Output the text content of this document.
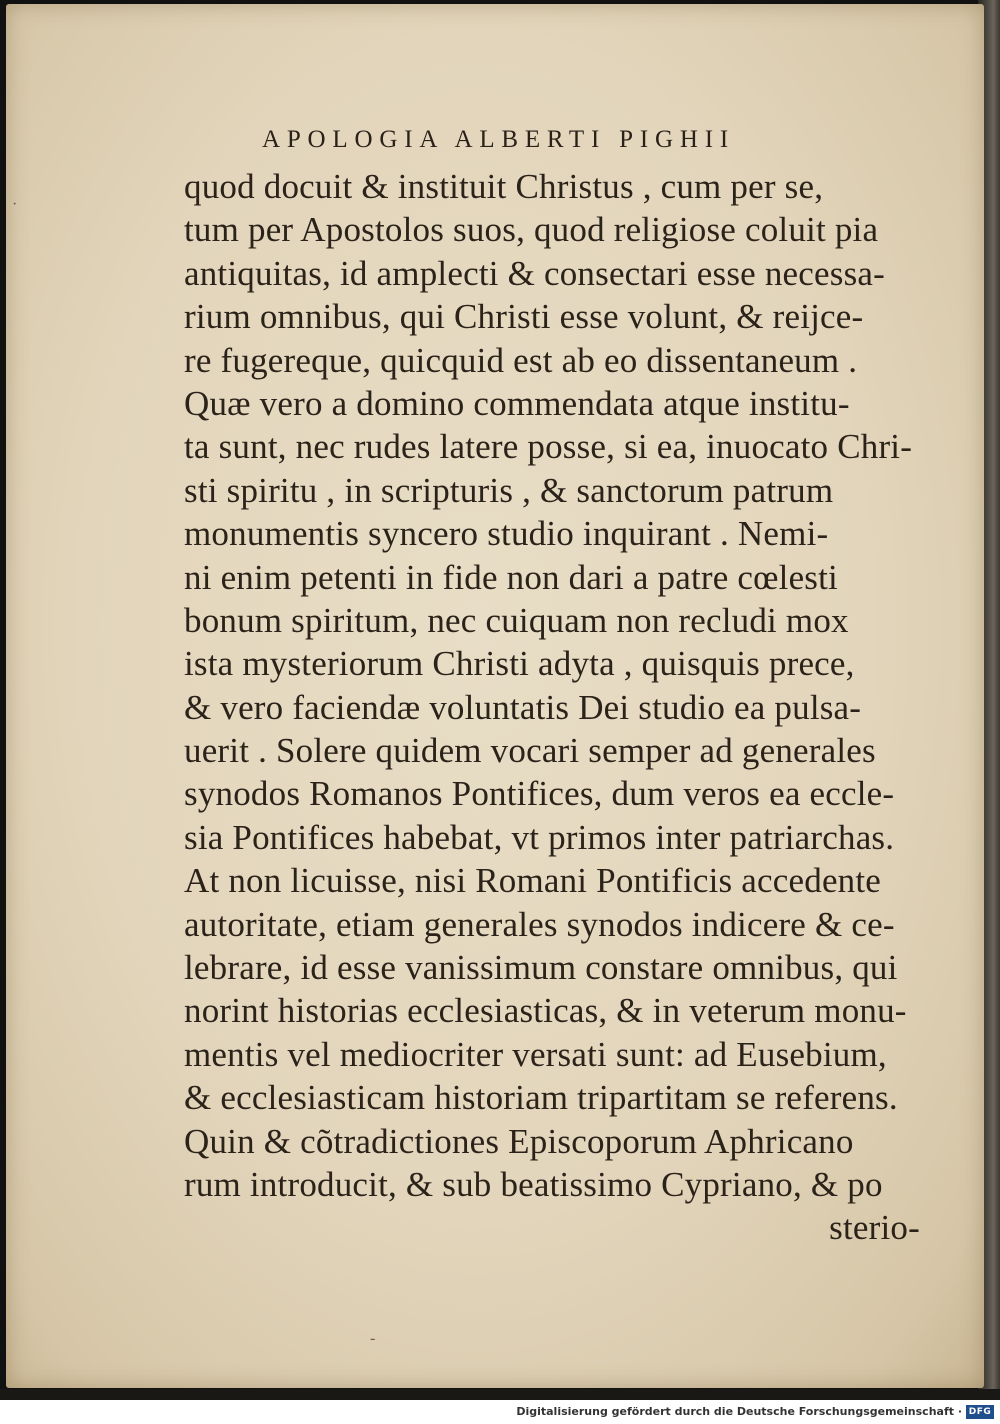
APOLOGIA ALBERTI PIGHII
quod docuit & instituit Christus , cum per se,
tum per Apostolos suos, quod religiose coluit pia
antiquitas, id amplecti & consectari esse necessa-
rium omnibus, qui Christi esse volunt, & reijce-
re fugereque, quicquid est ab eo dissentaneum .
Quæ vero a domino commendata atque institu-
ta sunt, nec rudes latere posse, si ea, inuocato Chri-
sti spiritu , in scripturis , & sanctorum patrum
monumentis syncero studio inquirant . Nemi-
ni enim petenti in fide non dari a patre cœlesti
bonum spiritum, nec cuiquam non recludi mox
ista mysteriorum Christi adyta , quisquis prece,
& vero faciendæ voluntatis Dei studio ea pulsa-
uerit . Solere quidem vocari semper ad generales
synodos Romanos Pontifices, dum veros ea eccle-
sia Pontifices habebat, vt primos inter patriarchas.
At non licuisse, nisi Romani Pontificis accedente
autoritate, etiam generales synodos indicere & ce-
lebrare, id esse vanissimum constare omnibus, qui
norint historias ecclesiasticas, & in veterum monu-
mentis vel mediocriter versati sunt: ad Eusebium,
& ecclesiasticam historiam tripartitam se referens.
Quin & cõtradictiones Episcoporum Aphricano
rum introducit, & sub beatissimo Cypriano, & po
sterio-
·
-
Digitalisierung gefördert durch die Deutsche Forschungsgemeinschaft · DFG
